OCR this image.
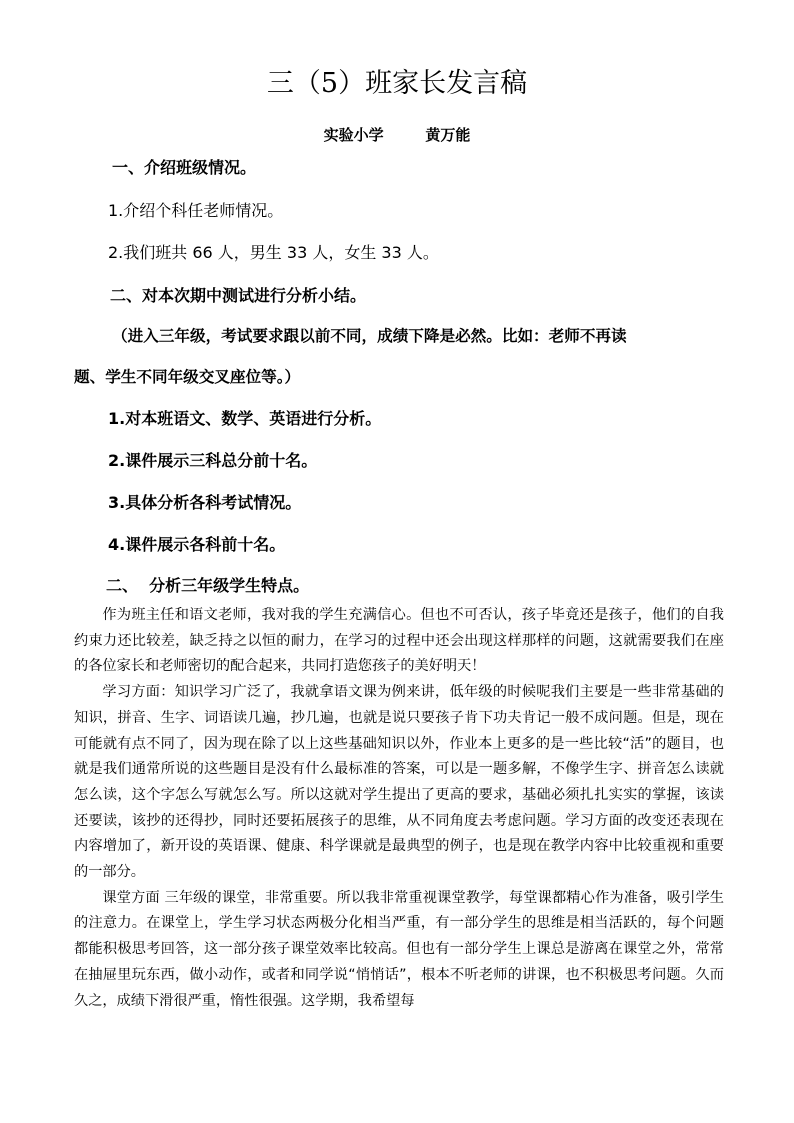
三（5）班家长发言稿
实验小学        黄万能
一、介绍班级情况。
1.介绍个科任老师情况。
2.我们班共 66 人，男生 33 人，女生 33 人。
二、对本次期中测试进行分析小结。
（进入三年级，考试要求跟以前不同，成绩下降是必然。比如：老师不再读
题、学生不同年级交叉座位等。）
1.对本班语文、数学、英语进行分析。
2.课件展示三科总分前十名。
3.具体分析各科考试情况。
4.课件展示各科前十名。
二、  分析三年级学生特点。

作为班主任和语文老师，我对我的学生充满信心。但也不可否认，孩子毕竟还是孩子，他们的自我约束力还比较差，缺乏持之以恒的耐力，在学习的过程中还会出现这样那样的问题，这就需要我们在座的各位家长和老师密切的配合起来，共同打造您孩子的美好明天！

学习方面：知识学习广泛了，我就拿语文课为例来讲，低年级的时候呢我们主要是一些非常基础的知识，拼音、生字、词语读几遍，抄几遍，也就是说只要孩子肯下功夫肯记一般不成问题。但是，现在可能就有点不同了，因为现在除了以上这些基础知识以外，作业本上更多的是一些比较“活”的题目，也就是我们通常所说的这些题目是没有什么最标准的答案，可以是一题多解，不像学生字、拼音怎么读就怎么读，这个字怎么写就怎么写。所以这就对学生提出了更高的要求，基础必须扎扎实实的掌握，该读还要读，该抄的还得抄，同时还要拓展孩子的思维，从不同角度去考虑问题。学习方面的改变还表现在内容增加了，新开设的英语课、健康、科学课就是最典型的例子，也是现在教学内容中比较重视和重要的一部分。

课堂方面 三年级的课堂，非常重要。所以我非常重视课堂教学，每堂课都精心作为准备，吸引学生的注意力。在课堂上，学生学习状态两极分化相当严重，有一部分学生的思维是相当活跃的，每个问题都能积极思考回答，这一部分孩子课堂效率比较高。但也有一部分学生上课总是游离在课堂之外，常常在抽屉里玩东西，做小动作，或者和同学说“悄悄话”，根本不听老师的讲课，也不积极思考问题。久而久之，成绩下滑很严重，惰性很强。这学期，我希望每
